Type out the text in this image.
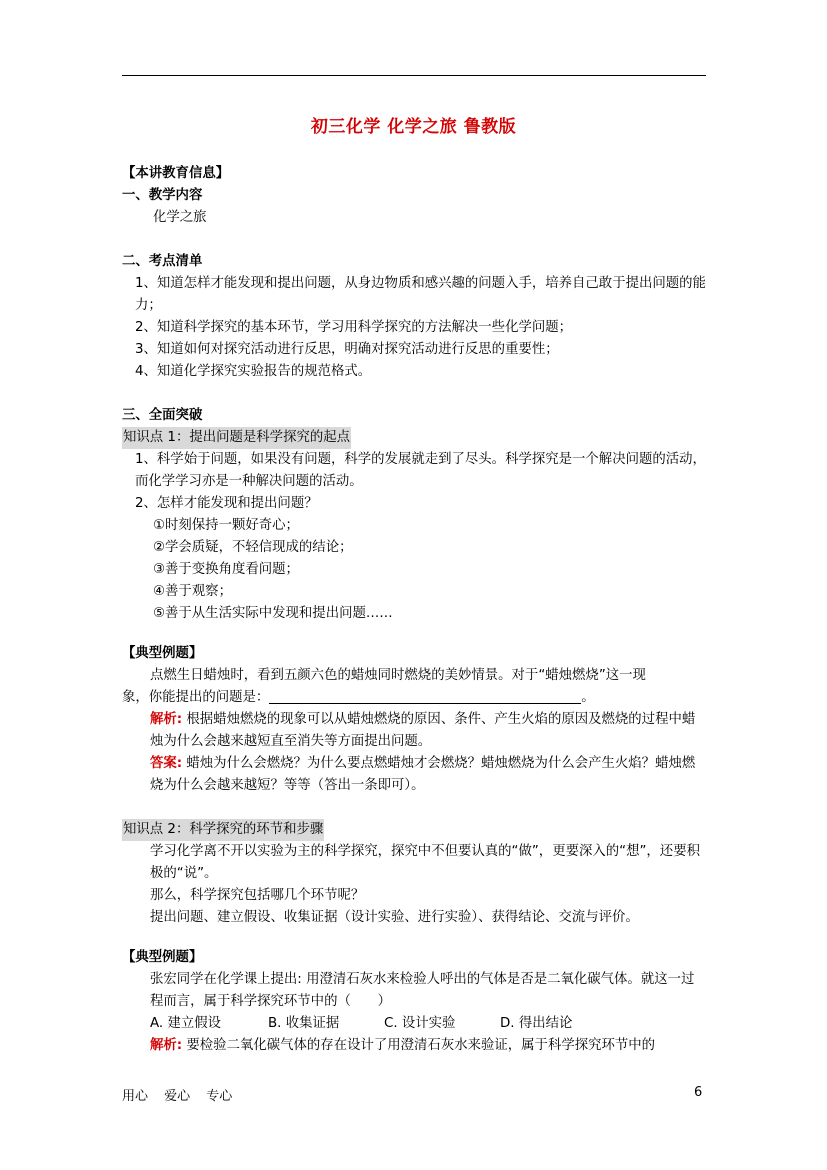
初三化学 化学之旅 鲁教版
【本讲教育信息】
一、教学内容
化学之旅
二、考点清单
1、知道怎样才能发现和提出问题，从身边物质和感兴趣的问题入手，培养自己敢于提出问题的能力；
2、知道科学探究的基本环节，学习用科学探究的方法解决一些化学问题；
3、知道如何对探究活动进行反思，明确对探究活动进行反思的重要性；
4、知道化学探究实验报告的规范格式。
三、全面突破
知识点 1：提出问题是科学探究的起点
1、科学始于问题，如果没有问题，科学的发展就走到了尽头。科学探究是一个解决问题的活动，而化学学习亦是一种解决问题的活动。
2、怎样才能发现和提出问题？
①时刻保持一颗好奇心；
②学会质疑，不轻信现成的结论；
③善于变换角度看问题；
④善于观察；
⑤善于从生活实际中发现和提出问题……
【典型例题】
点燃生日蜡烛时，看到五颜六色的蜡烛同时燃烧的美妙情景。对于“蜡烛燃烧”这一现
象，你能提出的问题是：	。
解析: 根据蜡烛燃烧的现象可以从蜡烛燃烧的原因、条件、产生火焰的原因及燃烧的过程中蜡烛为什么会越来越短直至消失等方面提出问题。
答案: 蜡烛为什么会燃烧？为什么要点燃蜡烛才会燃烧？蜡烛燃烧为什么会产生火焰？蜡烛燃烧为什么会越来越短？等等（答出一条即可）。
知识点 2：科学探究的环节和步骤
学习化学离不开以实验为主的科学探究，探究中不但要认真的“做”，更要深入的“想”，还要积极的“说”。
那么，科学探究包括哪几个环节呢？
提出问题、建立假设、收集证据（设计实验、进行实验）、获得结论、交流与评价。
【典型例题】
张宏同学在化学课上提出: 用澄清石灰水来检验人呼出的气体是否是二氧化碳气体。就这一过程而言，属于科学探究环节中的（　　）
A. 建立假设	B. 收集证据	C. 设计实验	D. 得出结论
解析: 要检验二氧化碳气体的存在设计了用澄清石灰水来验证，属于科学探究环节中的
用心 爱心 专心	6
